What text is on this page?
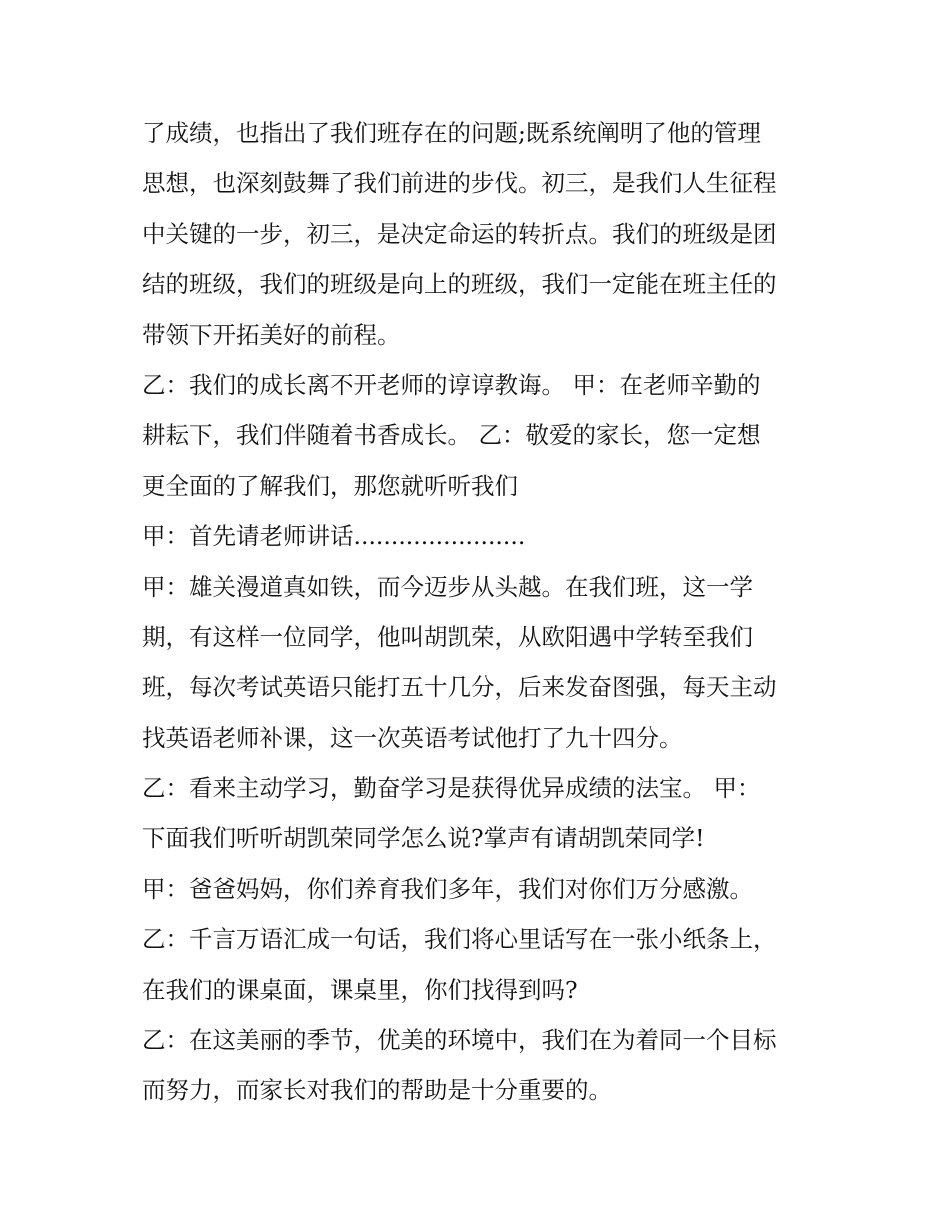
了成绩，也指出了我们班存在的问题;既系统阐明了他的管理
思想，也深刻鼓舞了我们前进的步伐。初三，是我们人生征程
中关键的一步，初三，是决定命运的转折点。我们的班级是团
结的班级，我们的班级是向上的班级，我们一定能在班主任的
带领下开拓美好的前程。
乙：我们的成长离不开老师的谆谆教诲。 甲：在老师辛勤的
耕耘下，我们伴随着书香成长。 乙：敬爱的家长，您一定想
更全面的了解我们，那您就听听我们
甲：首先请老师讲话.......................
甲：雄关漫道真如铁，而今迈步从头越。在我们班，这一学
期，有这样一位同学，他叫胡凯荣，从欧阳遇中学转至我们
班，每次考试英语只能打五十几分，后来发奋图强，每天主动
找英语老师补课，这一次英语考试他打了九十四分。
乙：看来主动学习，勤奋学习是获得优异成绩的法宝。 甲：
下面我们听听胡凯荣同学怎么说?掌声有请胡凯荣同学!
甲：爸爸妈妈，你们养育我们多年，我们对你们万分感激。
乙：千言万语汇成一句话，我们将心里话写在一张小纸条上，
在我们的课桌面，课桌里，你们找得到吗?
乙：在这美丽的季节，优美的环境中，我们在为着同一个目标
而努力，而家长对我们的帮助是十分重要的。
